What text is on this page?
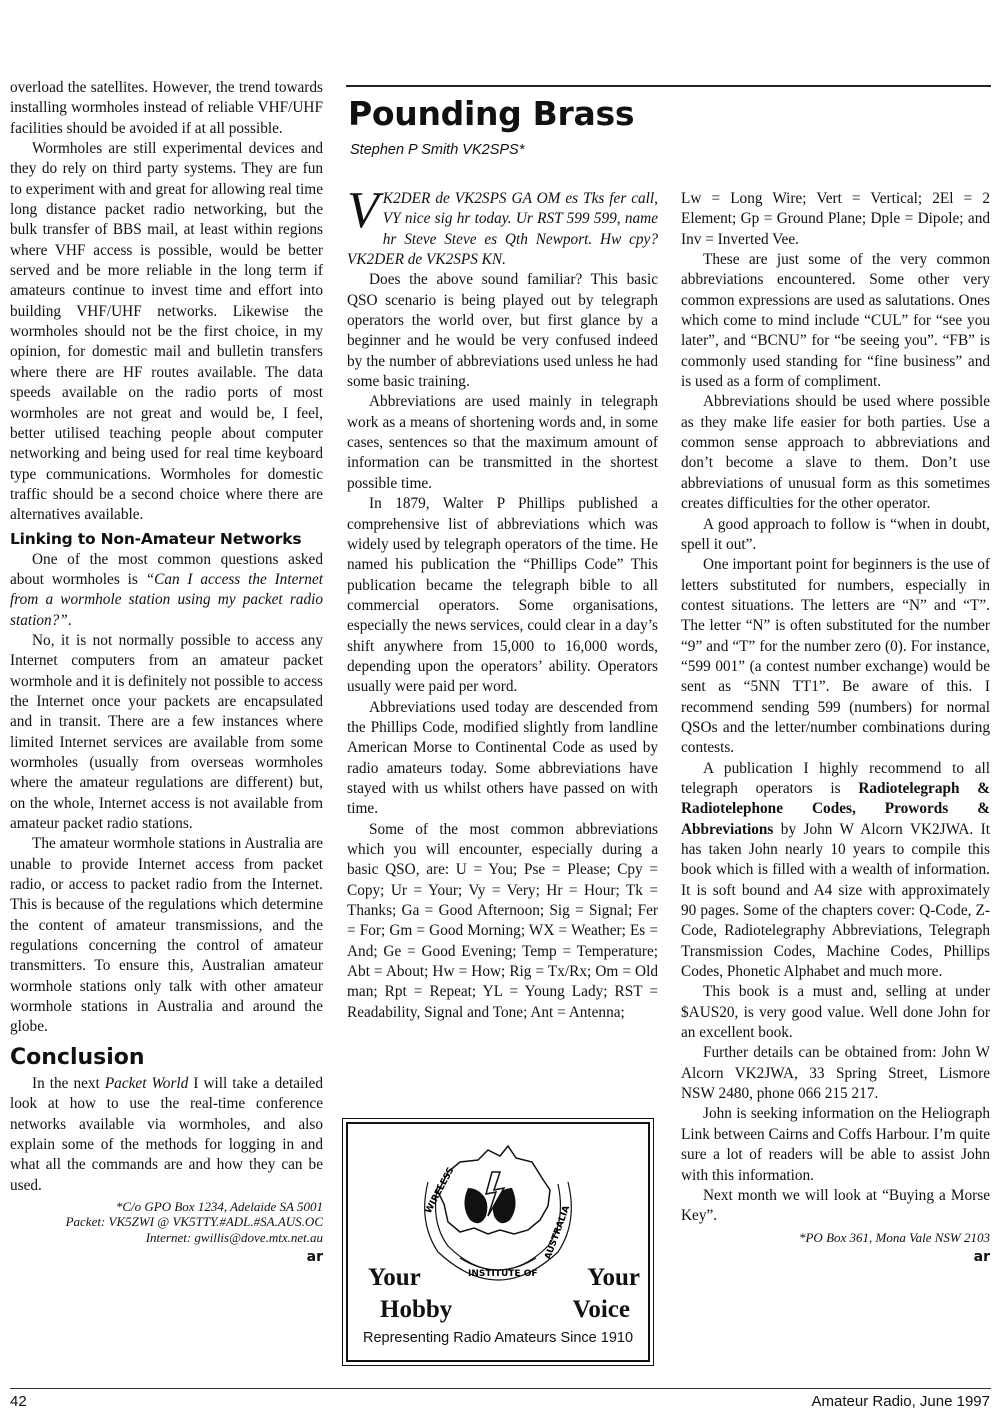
overload the satellites. However, the trend towards installing wormholes instead of reliable VHF/UHF facilities should be avoided if at all possible.

Wormholes are still experimental devices and they do rely on third party systems. They are fun to experiment with and great for allowing real time long distance packet radio networking, but the bulk transfer of BBS mail, at least within regions where VHF access is possible, would be better served and be more reliable in the long term if amateurs continue to invest time and effort into building VHF/UHF networks. Likewise the wormholes should not be the first choice, in my opinion, for domestic mail and bulletin transfers where there are HF routes available. The data speeds available on the radio ports of most wormholes are not great and would be, I feel, better utilised teaching people about computer networking and being used for real time keyboard type communications. Wormholes for domestic traffic should be a second choice where there are alternatives available.

Linking to Non-Amateur Networks

One of the most common questions asked about wormholes is “Can I access the Internet from a wormhole station using my packet radio station?”.

No, it is not normally possible to access any Internet computers from an amateur packet wormhole and it is definitely not possible to access the Internet once your packets are encapsulated and in transit. There are a few instances where limited Internet services are available from some wormholes (usually from overseas wormholes where the amateur regulations are different) but, on the whole, Internet access is not available from amateur packet radio stations.

The amateur wormhole stations in Australia are unable to provide Internet access from packet radio, or access to packet radio from the Internet. This is because of the regulations which determine the content of amateur transmissions, and the regulations concerning the control of amateur transmitters. To ensure this, Australian amateur wormhole stations only talk with other amateur wormhole stations in Australia and around the globe.

Conclusion

In the next Packet World I will take a detailed look at how to use the real-time conference networks available via wormholes, and also explain some of the methods for logging in and what all the commands are and how they can be used.

*C/o GPO Box 1234, Adelaide SA 5001
Packet: VK5ZWI @ VK5TTY.#ADL.#SA.AUS.OC
Internet: gwillis@dove.mtx.net.au
ar
Pounding Brass
Stephen P Smith VK2SPS*

V K2DER de VK2SPS GA OM es Tks fer call, VY nice sig hr today. Ur RST 599 599, name hr Steve Steve es Qth Newport. Hw cpy? VK2DER de VK2SPS KN.

Does the above sound familiar? This basic QSO scenario is being played out by telegraph operators the world over, but first glance by a beginner and he would be very confused indeed by the number of abbreviations used unless he had some basic training.

Abbreviations are used mainly in telegraph work as a means of shortening words and, in some cases, sentences so that the maximum amount of information can be transmitted in the shortest possible time.

In 1879, Walter P Phillips published a comprehensive list of abbreviations which was widely used by telegraph operators of the time. He named his publication the “Phillips Code” This publication became the telegraph bible to all commercial operators. Some organisations, especially the news services, could clear in a day’s shift anywhere from 15,000 to 16,000 words, depending upon the operators’ ability. Operators usually were paid per word.

Abbreviations used today are descended from the Phillips Code, modified slightly from landline American Morse to Continental Code as used by radio amateurs today. Some abbreviations have stayed with us whilst others have passed on with time.

Some of the most common abbreviations which you will encounter, especially during a basic QSO, are: U = You; Pse = Please; Cpy = Copy; Ur = Your; Vy = Very; Hr = Hour; Tk = Thanks; Ga = Good Afternoon; Sig = Signal; Fer = For; Gm = Good Morning; WX = Weather; Es = And; Ge = Good Evening; Temp = Temperature; Abt = About; Hw = How; Rig = Tx/Rx; Om = Old man; Rpt = Repeat; YL = Young Lady; RST = Readability, Signal and Tone; Ant = Antenna;

WIRELESS
INSTITUTE OF
AUSTRALIA
Your
Hobby
Your
Voice
Representing Radio Amateurs Since 1910

Lw = Long Wire; Vert = Vertical; 2El = 2 Element; Gp = Ground Plane; Dple = Dipole; and Inv = Inverted Vee.

These are just some of the very common abbreviations encountered. Some other very common expressions are used as salutations. Ones which come to mind include “CUL” for “see you later”, and “BCNU” for “be seeing you”. “FB” is commonly used standing for “fine business” and is used as a form of compliment.

Abbreviations should be used where possible as they make life easier for both parties. Use a common sense approach to abbreviations and don’t become a slave to them. Don’t use abbreviations of unusual form as this sometimes creates difficulties for the other operator.

A good approach to follow is “when in doubt, spell it out”.

One important point for beginners is the use of letters substituted for numbers, especially in contest situations. The letters are “N” and “T”. The letter “N” is often substituted for the number “9” and “T” for the number zero (0). For instance, “599 001” (a contest number exchange) would be sent as “5NN TT1”. Be aware of this. I recommend sending 599 (numbers) for normal QSOs and the letter/number combinations during contests.

A publication I highly recommend to all telegraph operators is Radiotelegraph & Radiotelephone Codes, Prowords & Abbreviations by John W Alcorn VK2JWA. It has taken John nearly 10 years to compile this book which is filled with a wealth of information. It is soft bound and A4 size with approximately 90 pages. Some of the chapters cover: Q-Code, Z-Code, Radiotelegraphy Abbreviations, Telegraph Transmission Codes, Machine Codes, Phillips Codes, Phonetic Alphabet and much more.

This book is a must and, selling at under $AUS20, is very good value. Well done John for an excellent book.

Further details can be obtained from: John W Alcorn VK2JWA, 33 Spring Street, Lismore NSW 2480, phone 066 215 217.

John is seeking information on the Heliograph Link between Cairns and Coffs Harbour. I’m quite sure a lot of readers will be able to assist John with this information.

Next month we will look at “Buying a Morse Key”.

*PO Box 361, Mona Vale NSW 2103
ar
42	Amateur Radio, June 1997
